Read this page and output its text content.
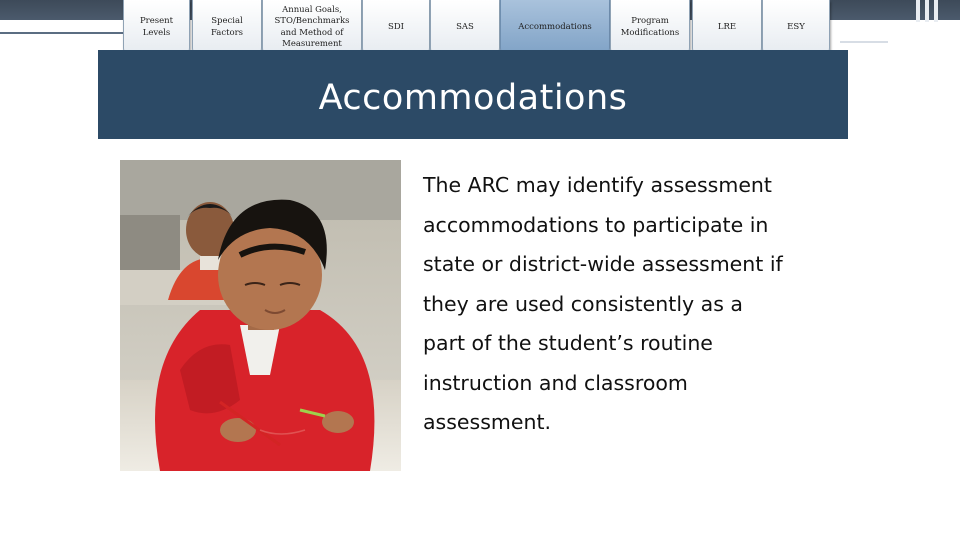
Present
Levels
Special
Factors
Annual Goals,
STO/Benchmarks
and Method of
Measurement
SDI	SAS	Accommodations
Program
Modifications
LRE	ESY
Accommodations
The ARC may identify assessment
accommodations to participate in
state or district-wide assessment if
they are used consistently as a
part of the student’s routine
instruction and classroom
assessment.
